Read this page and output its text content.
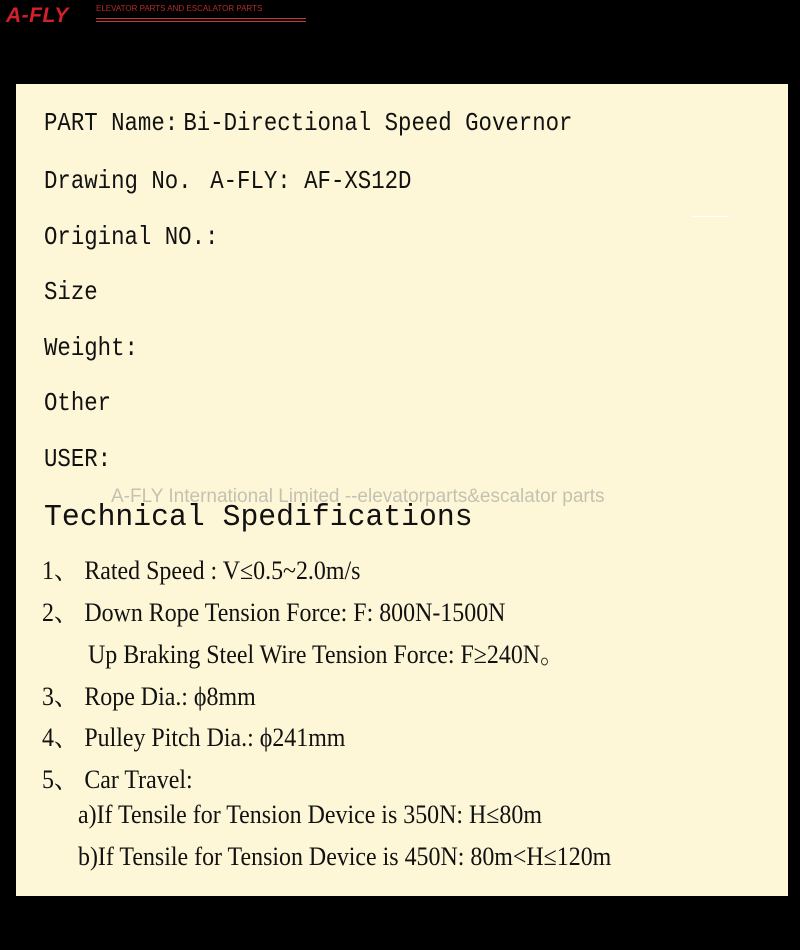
A-FLY	ELEVATOR PARTS AND ESCALATOR PARTS
PART Name: Bi-Directional Speed Governor
Drawing No. A-FLY: AF-XS12D
Original NO.:
Size
Weight:
Other
USER:
A-FLY International Limited --elevatorparts&escalator parts
Technical Spedifications
1、 Rated Speed : V≤0.5~2.0m/s
2、 Down Rope Tension Force: F: 800N-1500N
Up Braking Steel Wire Tension Force: F≥240N。
3、 Rope Dia.: ϕ8mm
4、 Pulley Pitch Dia.: ϕ241mm
5、 Car Travel:
a)If Tensile for Tension Device is 350N: H≤80m
b)If Tensile for Tension Device is 450N: 80m<H≤120m
